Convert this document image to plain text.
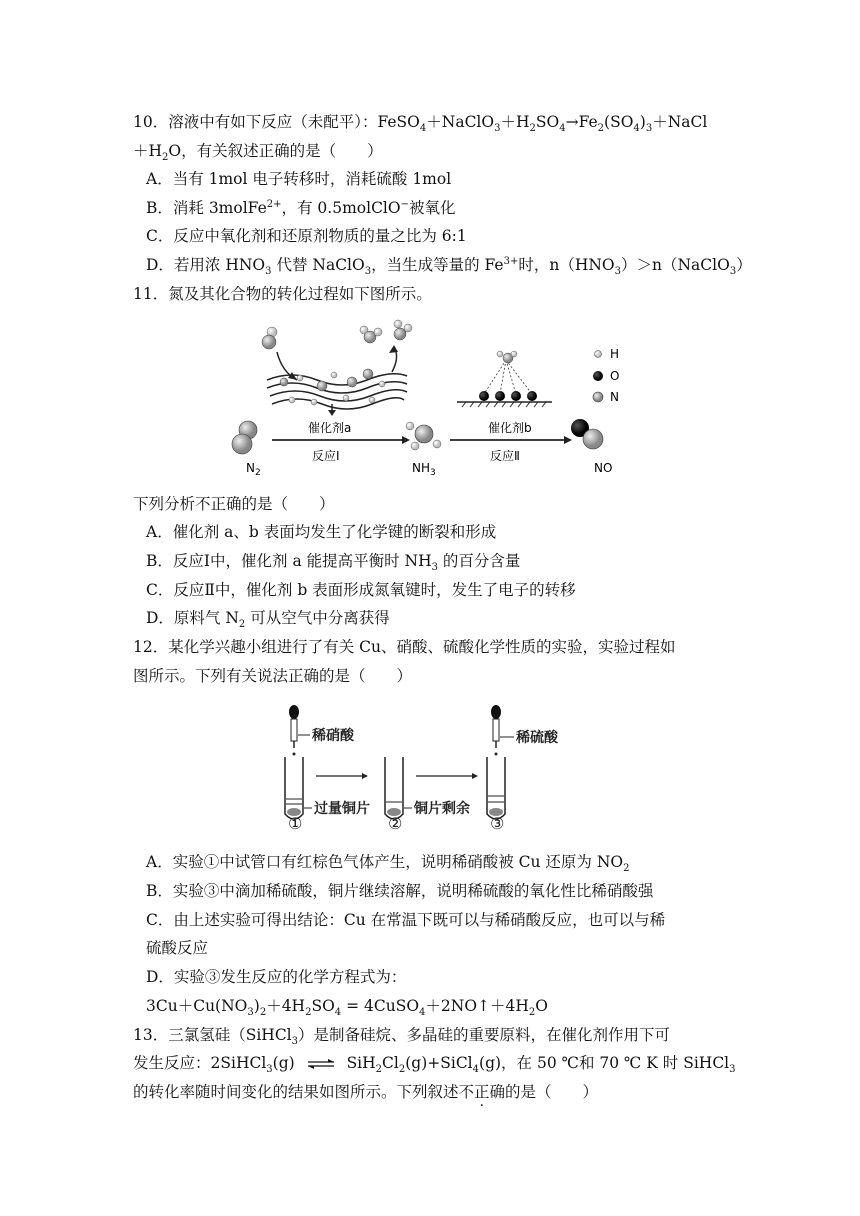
10．溶液中有如下反应（未配平）：$FeSO_4+NaClO_3+H_2SO_4\to Fe_2(SO_4)_3+NaCl$
$+H_2O$，有关叙述正确的是（　　）
A．当有 1mol 电子转移时，消耗硫酸 1mol
B．消耗 3molFe$^{2+}$，有 0.5molClO−被氧化
C．反应中氧化剂和还原剂物质的量之比为 6:1
D．若用浓 $HNO_3$ 代替 NaClO$_3$，当生成等量的 $Fe^{3+}$时，$n(HNO_3)>n(NaClO_3)$
11．氮及其化合物的转化过程如下图所示。
$N_2$
催化剂a
反应Ⅰ
$NH_3$
催化剂b
反应Ⅱ
NO
H
O
N
下列分析不正确的是（　　）
A．催化剂 a、b 表面均发生了化学键的断裂和形成
B．反应Ⅰ中，催化剂 a 能提高平衡时 $NH_3$ 的百分含量
C．反应Ⅱ中，催化剂 b 表面形成氮氧键时，发生了电子的转移
D．原料气 $N_2$ 可从空气中分离获得
12．某化学兴趣小组进行了有关 Cu、硝酸、硫酸化学性质的实验，实验过程如
图所示。下列有关说法正确的是（　　）
稀硝酸
过量铜片
①
铜片剩余
②
稀硫酸
③
A．实验①中试管口有红棕色气体产生，说明稀硝酸被 Cu 还原为 $NO_2$
B．实验③中滴加稀硫酸，铜片继续溶解，说明稀硫酸的氧化性比稀硝酸强
C．由上述实验可得出结论：Cu 在常温下既可以与稀硝酸反应，也可以与稀
硫酸反应
D．实验③发生反应的化学方程式为：
$3Cu+Cu(NO_3)_2+4H_2SO_4$ = $4CuSO_4+2NO↑+4H_2O$
13．三氯氢硅（SiHCl$_3$）是制备硅烷、多晶硅的重要原料，在催化剂作用下可
发生反应：2SiHCl$_3$(g) ⇌ $SiH_2Cl_2(g)+SiCl_4(g)$，在 50 ℃和 70 ℃ K 时 SiHCl$_3$
的转化率随时间变化的结果如图所示。下列叙述不正确的是（　　）
